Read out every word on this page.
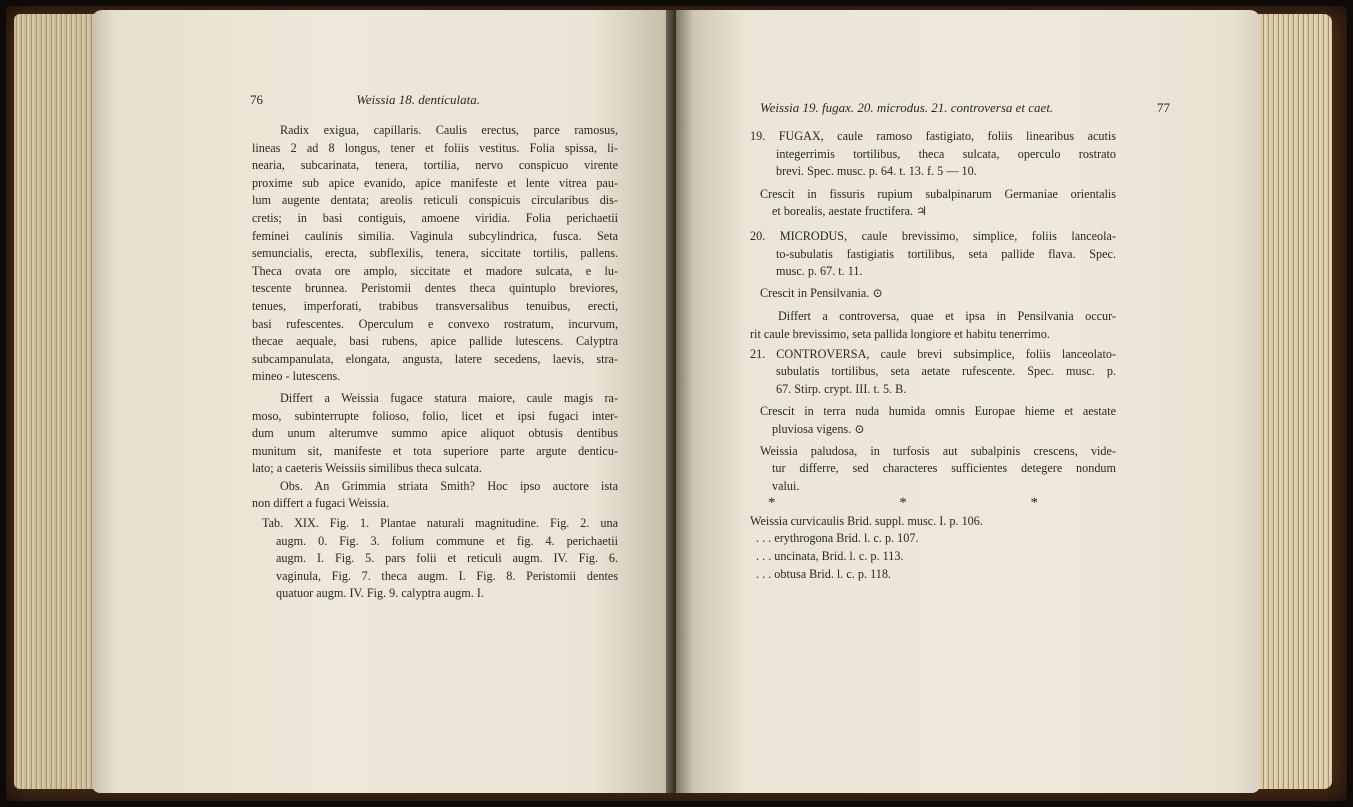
76	Weissia 18. denticulata.

Radix exigua, capillaris. Caulis erectus, parce ramosus,

lineas 2 ad 8 longus, tener et foliis vestitus. Folia spissa, li-

nearia, subcarinata, tenera, tortilia, nervo conspicuo virente

proxime sub apice evanido, apice manifeste et lente vitrea pau-

lum augente dentata; areolis reticuli conspicuis circularibus dis-

cretis; in basi contiguis, amoene viridia. Folia perichaetii

feminei caulinis similia. Vaginula subcylindrica, fusca. Seta

semuncialis, erecta, subflexilis, tenera, siccitate tortilis, pallens.

Theca ovata ore amplo, siccitate et madore sulcata, e lu-

tescente brunnea. Peristomii dentes theca quintuplo breviores,

tenues, imperforati, trabibus transversalibus tenuibus, erecti,

basi rufescentes. Operculum e convexo rostratum, incurvum,

thecae aequale, basi rubens, apice pallide lutescens. Calyptra

subcampanulata, elongata, angusta, latere secedens, laevis, stra-

mineo - lutescens.

Differt a Weissia fugace statura maiore, caule magis ra-

moso, subinterrupte folioso, folio, licet et ipsi fugaci inter-

dum unum alterumve summo apice aliquot obtusis dentibus

munitum sit, manifeste et tota superiore parte argute denticu-

lato; a caeteris Weissiis similibus theca sulcata.

Obs. An Grimmia striata Smith? Hoc ipso auctore ista

non differt a fugaci Weissia.

Tab. XIX. Fig. 1. Plantae naturali magnitudine. Fig. 2. una

augm. 0. Fig. 3. folium commune et fig. 4. perichaetii

augm. I. Fig. 5. pars folii et reticuli augm. IV. Fig. 6.

vaginula, Fig. 7. theca augm. I. Fig. 8. Peristomii dentes

quatuor augm. IV. Fig. 9. calyptra augm. I.

Weissia 19. fugax. 20. microdus. 21. controversa et caet.	77

19. FUGAX, caule ramoso fastigiato, foliis linearibus acutis

integerrimis tortilibus, theca sulcata, operculo rostrato

brevi. Spec. musc. p. 64. t. 13. f. 5 — 10.

Crescit in fissuris rupium subalpinarum Germaniae orientalis

et borealis, aestate fructifera. ♃

20. MICRODUS, caule brevissimo, simplice, foliis lanceola-

to-subulatis fastigiatis tortilibus, seta pallide flava. Spec.

musc. p. 67. t. 11.

Crescit in Pensilvania. ⊙

Differt a controversa, quae et ipsa in Pensilvania occur-

rit caule brevissimo, seta pallida longiore et habitu tenerrimo.

21. CONTROVERSA, caule brevi subsimplice, foliis lanceolato-

subulatis tortilibus, seta aetate rufescente. Spec. musc. p.

67. Stirp. crypt. III. t. 5. B.

Crescit in terra nuda humida omnis Europae hieme et aestate

pluviosa vigens. ⊙

Weissia paludosa, in turfosis aut subalpinis crescens, vide-

tur differre, sed characteres sufficientes detegere nondum

valui.

* * *

Weissia curvicaulis Brid. suppl. musc. I. p. 106.

. . . erythrogona Brid. l. c. p. 107.

. . . uncinata, Brid. l. c. p. 113.

. . . obtusa Brid. l. c. p. 118.
